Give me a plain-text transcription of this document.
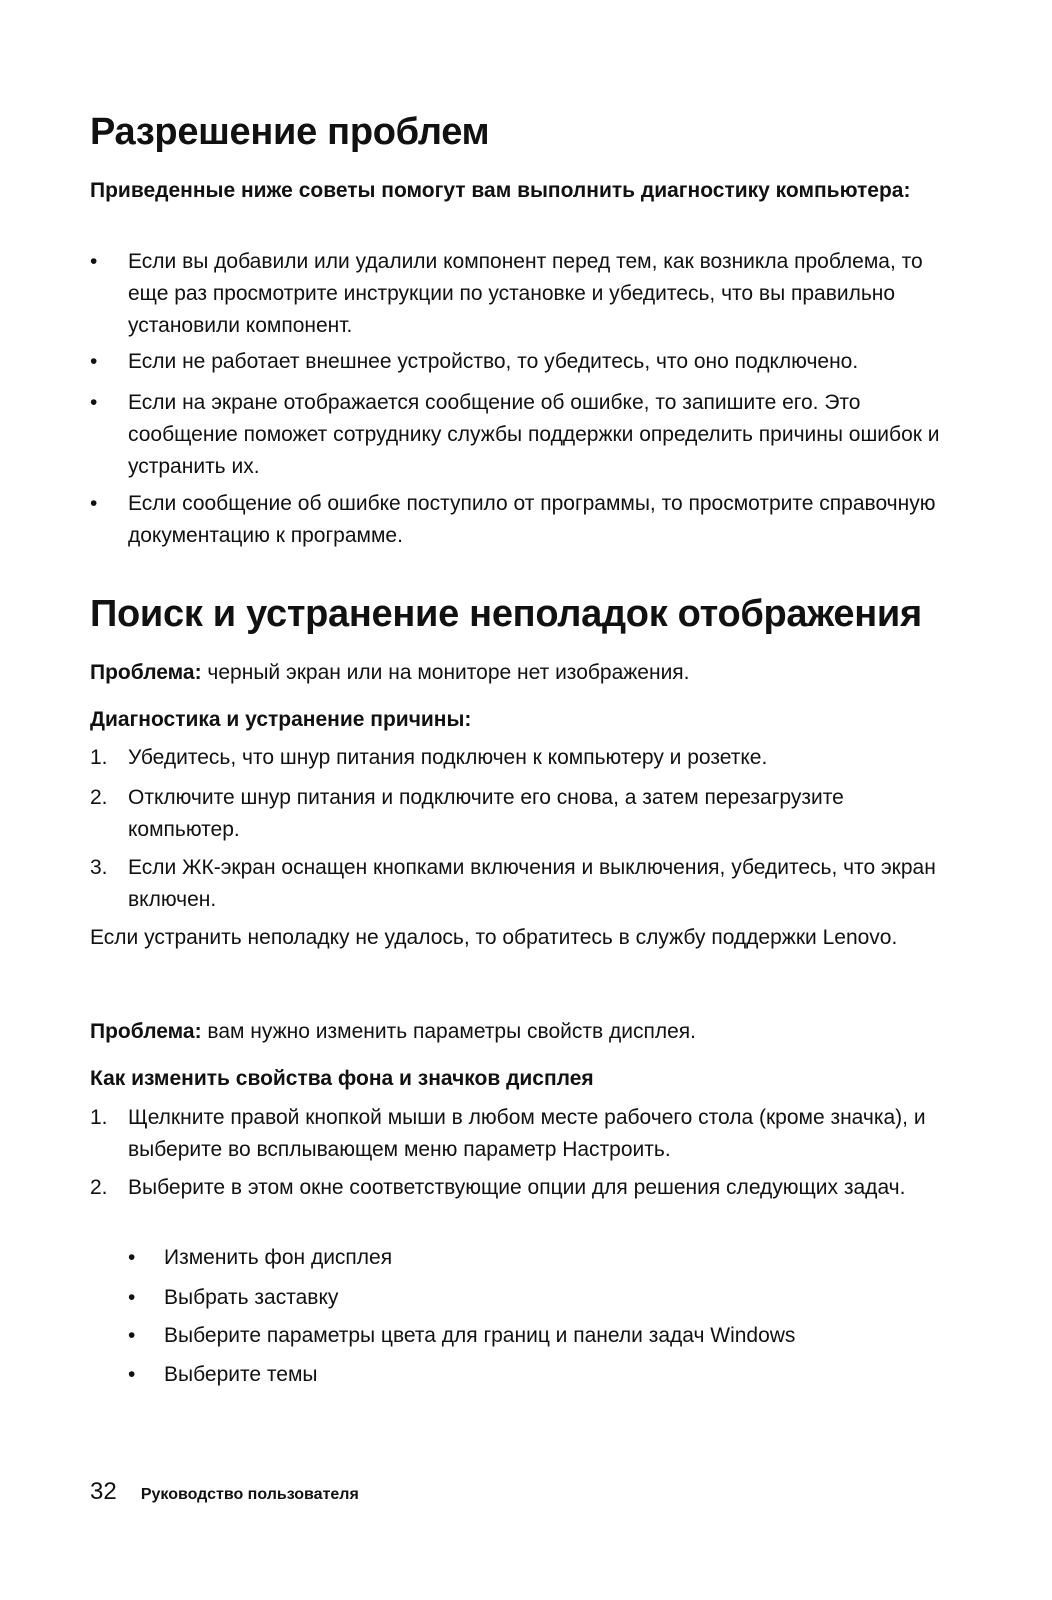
Разрешение проблем

Приведенные ниже советы помогут вам выполнить диагностику компьютера:

•	Если вы добавили или удалили компонент перед тем, как возникла проблема, то еще раз просмотрите инструкции по установке и убедитесь, что вы правильно установили компонент.
•	Если не работает внешнее устройство, то убедитесь, что оно подключено.
•	Если на экране отображается сообщение об ошибке, то запишите его. Это сообщение поможет сотруднику службы поддержки определить причины ошибок и устранить их.
•	Если сообщение об ошибке поступило от программы, то просмотрите справочную документацию к программе.
Поиск и устранение неполадок отображения

Проблема: черный экран или на мониторе нет изображения.

Диагностика и устранение причины:

1. Убедитесь, что шнур питания подключен к компьютеру и розетке.
2. Отключите шнур питания и подключите его снова, а затем перезагрузите компьютер.
3. Если ЖК-экран оснащен кнопками включения и выключения, убедитесь, что экран включен.

Если устранить неполадку не удалось, то обратитесь в службу поддержки Lenovo.

Проблема: вам нужно изменить параметры свойств дисплея.

Как изменить свойства фона и значков дисплея

1. Щелкните правой кнопкой мыши в любом месте рабочего стола (кроме значка), и выберите во всплывающем меню параметр Настроить.
2. Выберите в этом окне соответствующие опции для решения следующих задач.
• Изменить фон дисплея
• Выбрать заставку
• Выберите параметры цвета для границ и панели задач Windows
• Выберите темы
32 Руководство пользователя
